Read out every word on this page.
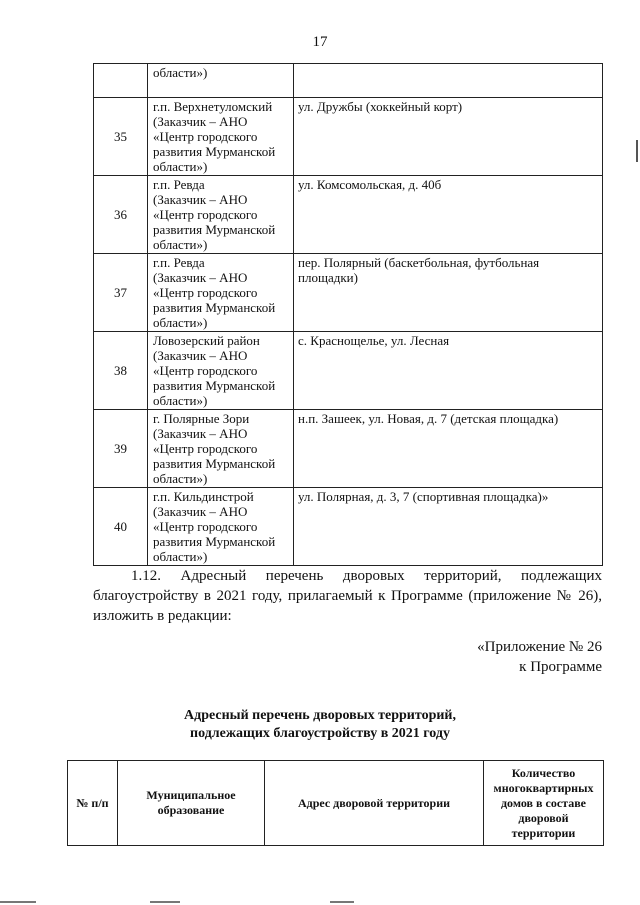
17
	области»)	
35	г.п. Верхнетуломский
(Заказчик – АНО
«Центр городского
развития Мурманской
области»)	ул. Дружбы (хоккейный корт)
36	г.п. Ревда
(Заказчик – АНО
«Центр городского
развития Мурманской
области»)	ул. Комсомольская, д. 40б
37	г.п. Ревда
(Заказчик – АНО
«Центр городского
развития Мурманской
области»)	пер. Полярный (баскетбольная, футбольная площадки)
38	Ловозерский район
(Заказчик – АНО
«Центр городского
развития Мурманской
области»)	с. Краснощелье, ул. Лесная
39	г. Полярные Зори
(Заказчик – АНО
«Центр городского
развития Мурманской
области»)	н.п. Зашеек, ул. Новая, д. 7 (детская площадка)
40	г.п. Кильдинстрой
(Заказчик – АНО
«Центр городского
развития Мурманской
области»)	ул. Полярная, д. 3, 7 (спортивная площадка)»
1.12. Адресный перечень дворовых территорий, подлежащих благоустройству в 2021 году, прилагаемый к Программе (приложение № 26), изложить в редакции:
«Приложение № 26
к Программе
Адресный перечень дворовых территорий,
подлежащих благоустройству в 2021 году
№ п/п	Муниципальное образование	Адрес дворовой территории	Количество многоквартирных домов в составе дворовой территории
